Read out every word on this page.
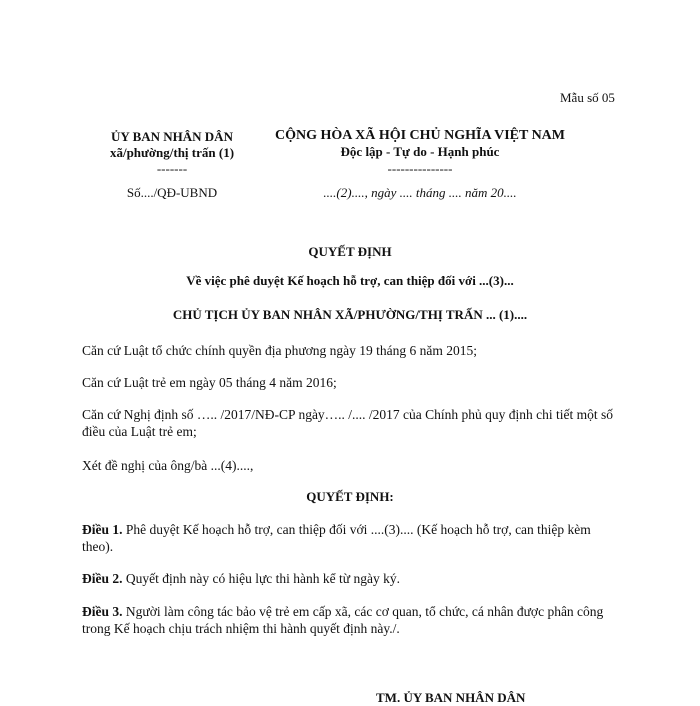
Mẫu số 05
ỦY BAN NHÂN DÂN
xã/phường/thị trấn (1)
-------
Số..../QĐ-UBND
CỘNG HÒA XÃ HỘI CHỦ NGHĨA VIỆT NAM
Độc lập - Tự do - Hạnh phúc
---------------
....(2)...., ngày .... tháng .... năm 20....
QUYẾT ĐỊNH
Về việc phê duyệt Kế hoạch hỗ trợ, can thiệp đối với ...(3)...
CHỦ TỊCH ỦY BAN NHÂN XÃ/PHƯỜNG/THỊ TRẤN ... (1)....
Căn cứ Luật tổ chức chính quyền địa phương ngày 19 tháng 6 năm 2015;
Căn cứ Luật trẻ em ngày 05 tháng 4 năm 2016;
Căn cứ Nghị định số ….. /2017/NĐ-CP ngày….. /.... /2017 của Chính phủ quy định chi tiết một số điều của Luật trẻ em;
Xét đề nghị của ông/bà ...(4)....,
QUYẾT ĐỊNH:
Điều 1. Phê duyệt Kế hoạch hỗ trợ, can thiệp đối với ....(3).... (Kế hoạch hỗ trợ, can thiệp kèm theo).
Điều 2. Quyết định này có hiệu lực thi hành kể từ ngày ký.
Điều 3. Người làm công tác bảo vệ trẻ em cấp xã, các cơ quan, tổ chức, cá nhân được phân công trong Kế hoạch chịu trách nhiệm thi hành quyết định này./.
TM. ỦY BAN NHÂN DÂN
